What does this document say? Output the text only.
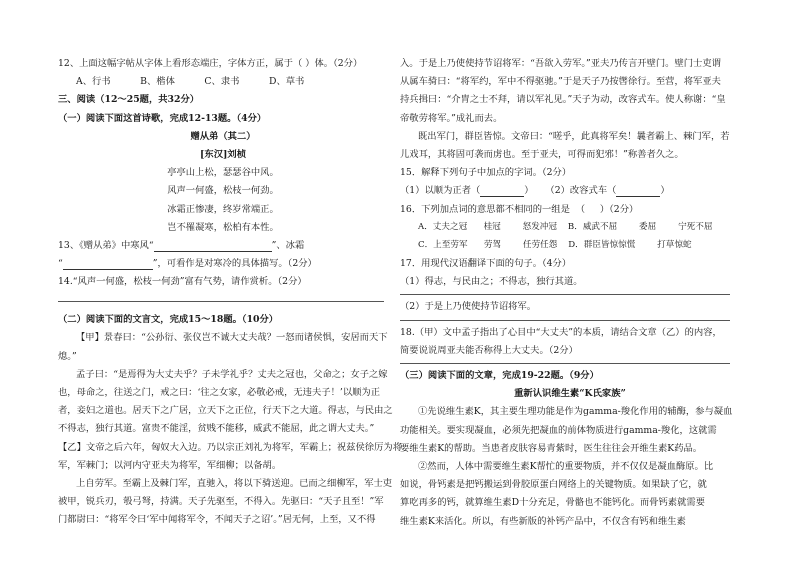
12、上面这幅字帖从字体上看形态端庄，字体方正，属于（ ）体。（2分）
A、行书          B、楷体          C、隶书          D、草书
三、阅读（12～25题，共32分）
（一）阅读下面这首诗歌，完成12-13题。（4分）
赠从弟（其二）
[东汉]刘桢
亭亭山上松，瑟瑟谷中风。
风声一何盛，松枝一何劲。
冰霜正惨凄，终岁常端正。
岂不罹凝寒，松柏有本性。
13、《赠从弟》中寒风“	”、冰霜
“	”，可看作是对寒冷的具体描写。（2分）
14.“风声一何盛，松枝一何劲”富有气势，请作赏析。（2分）
（二）阅读下面的文言文，完成15～18题。（10分）
【甲】景春曰：“公孙衍、张仪岂不诚大丈夫哉？一怒而诸侯惧，安居而天下
熄。”
孟子曰：“是焉得为大丈夫乎？子未学礼乎？丈夫之冠也，父命之；女子之嫁
也，母命之，往送之门，戒之曰：‘往之女家，必敬必戒，无违夫子！’以顺为正
者，妾妇之道也。居天下之广居，立天下之正位，行天下之大道。得志，与民由之
不得志，独行其道。富贵不能淫，贫贱不能移，威武不能屈，此之谓大丈夫。”
【乙】文帝之后六年，匈奴大入边。乃以宗正刘礼为将军，军霸上；祝兹侯徐厉为将
军，军棘门；以河内守亚夫为将军，军细柳；以备胡。
上自劳军。至霸上及棘门军，直驰入，将以下骑送迎。已而之细柳军，军士吏
被甲，锐兵刃，彀弓弩，持满。天子先驱至，不得入。先驱曰：“天子且至！”军
门都尉曰：“将军令曰‘军中闻将军令，不闻天子之诏’。”居无何，上至，又不得
入。于是上乃使使持节诏将军：“吾欲入劳军。”亚夫乃传言开壁门。壁门士吏谓
从属车骑曰：“将军约，军中不得驱驰。”于是天子乃按辔徐行。至营，将军亚夫
持兵揖曰：“介胄之士不拜，请以军礼见。”天子为动，改容式车。使人称谢：“皇
帝敬劳将军。”成礼而去。
既出军门，群臣皆惊。文帝曰：“嗟乎，此真将军矣！曩者霸上、棘门军，若
儿戏耳，其将固可袭而虏也。至于亚夫，可得而犯邪！”称善者久之。
15．解释下列句子中加点的字词。（2分）
（1）以顺为正者（	）    （2）改容式车（	）
16．下列加点词的意思都不相同的一组是  （     ）（2分）
A．丈夫之冠      桂冠        怒发冲冠    B．威武不屈        委屈        宁死不屈
C．上至劳军      劳驾        任劳任怨    D．群臣皆惊惊慌        打草惊蛇
17．用现代汉语翻译下面的句子。（4分）
（1）得志，与民由之；不得志，独行其道。
（2）于是上乃使使持节诏将军。
18.（甲）文中孟子指出了心目中“大丈夫”的本质，请结合文章（乙）的内容，
简要说说周亚夫能否称得上大丈夫。（2分）
（三）阅读下面的文章，完成19-22题。（9分）
重新认识维生素“K氏家族”
①先说维生素K，其主要生理功能是作为gamma-羧化作用的辅酶，参与凝血
功能相关。要实现凝血，必须先把凝血的前体物质进行gamma-羧化，这就需
要维生素K的帮助。当患者皮肤容易青紫时，医生往往会开维生素K药品。
②然而，人体中需要维生素K帮忙的重要物质，并不仅仅是凝血酶原。比
如说，骨钙素是把钙搬运到骨胶原蛋白网络上的关键物质。如果缺了它，就
算吃再多的钙，就算维生素D十分充足，骨骼也不能钙化。而骨钙素就需要
维生素K来活化。所以，有些新版的补钙产品中，不仅含有钙和维生素
